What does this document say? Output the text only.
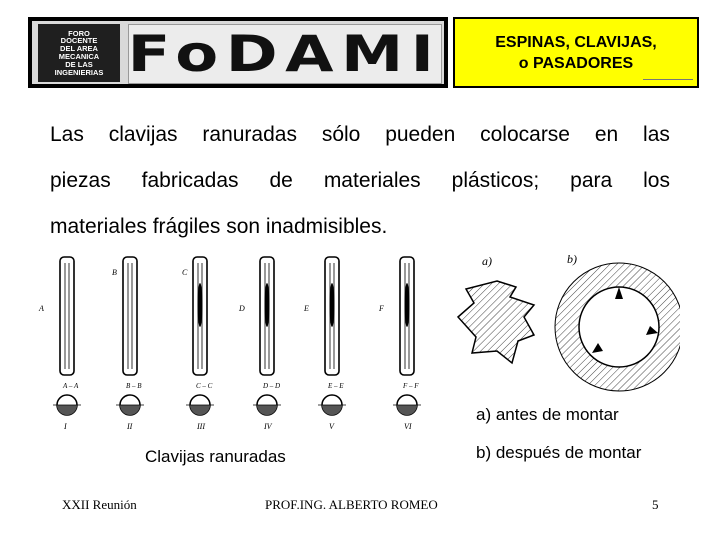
FORO
DOCENTE
DEL AREA
MECANICA
DE LAS
INGENIERIAS FoDAMI	ESPINAS, CLAVIJAS,
o PASADORES
Las clavijas ranuradas sólo pueden colocarse en las
piezas fabricadas de materiales plásticos; para los
materiales frágiles son inadmisibles.
A – A
I
A
B – B
II
B
C – C
III
C
D – D
IV
D
E – E
V
E
F – F
VI
F
a)	b)
a) antes de montar
Clavijas ranuradas	b) después de montar
XXII Reunión	PROF.ING. ALBERTO ROMEO	5
